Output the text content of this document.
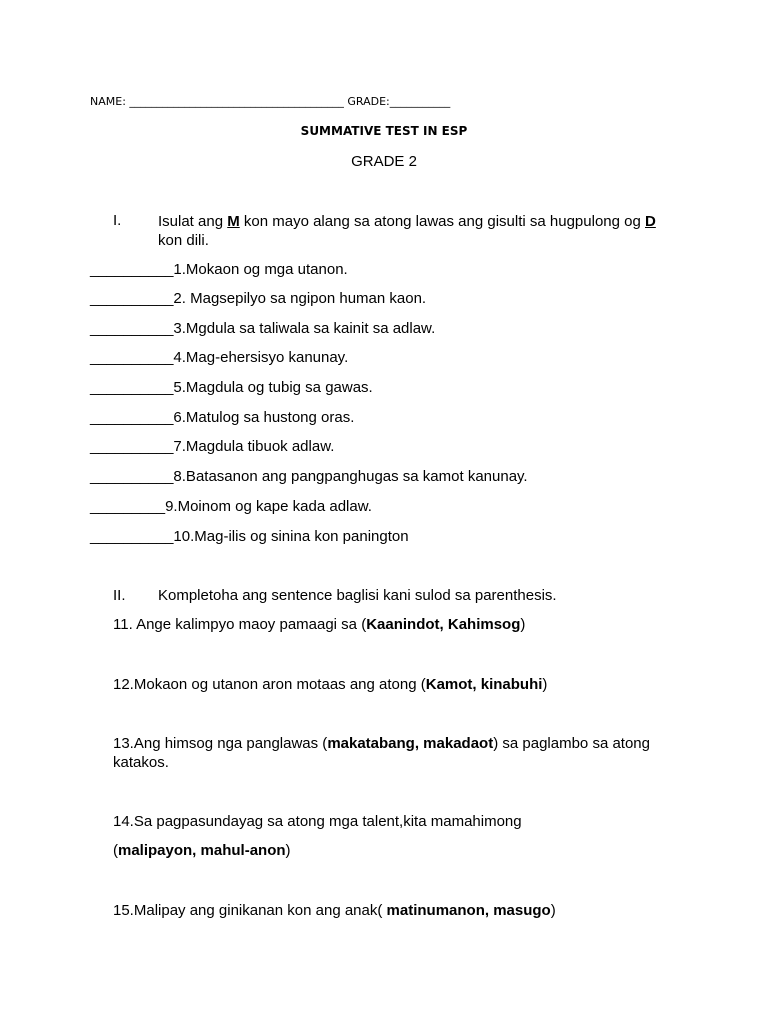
NAME: _______________________________________ GRADE:___________
SUMMATIVE TEST IN ESP
GRADE 2
I. Isulat ang M kon mayo alang sa atong lawas ang gisulti sa hugpulong og D kon dili.
__________1.Mokaon og mga utanon.
__________2. Magsepilyo sa ngipon human kaon.
__________3.Mgdula sa taliwala sa kainit sa adlaw.
__________4.Mag-ehersisyo kanunay.
__________5.Magdula og tubig sa gawas.
__________6.Matulog sa hustong oras.
__________7.Magdula tibuok adlaw.
__________8.Batasanon ang pangpanghugas sa kamot kanunay.
_________9.Moinom og kape kada adlaw.
__________10.Mag-ilis og sinina kon panington
II. Kompletoha ang sentence baglisi kani sulod sa parenthesis.
11. Ange kalimpyo maoy pamaagi sa (Kaanindot, Kahimsog)
12.Mokaon og utanon aron motaas ang atong (Kamot, kinabuhi)
13.Ang himsog nga panglawas (makatabang, makadaot) sa paglambo sa atong
katakos.
14.Sa pagpasundayag sa atong mga talent,kita mamahimong
(malipayon, mahul-anon)
15.Malipay ang ginikanan kon ang anak( matinumanon, masugo)
